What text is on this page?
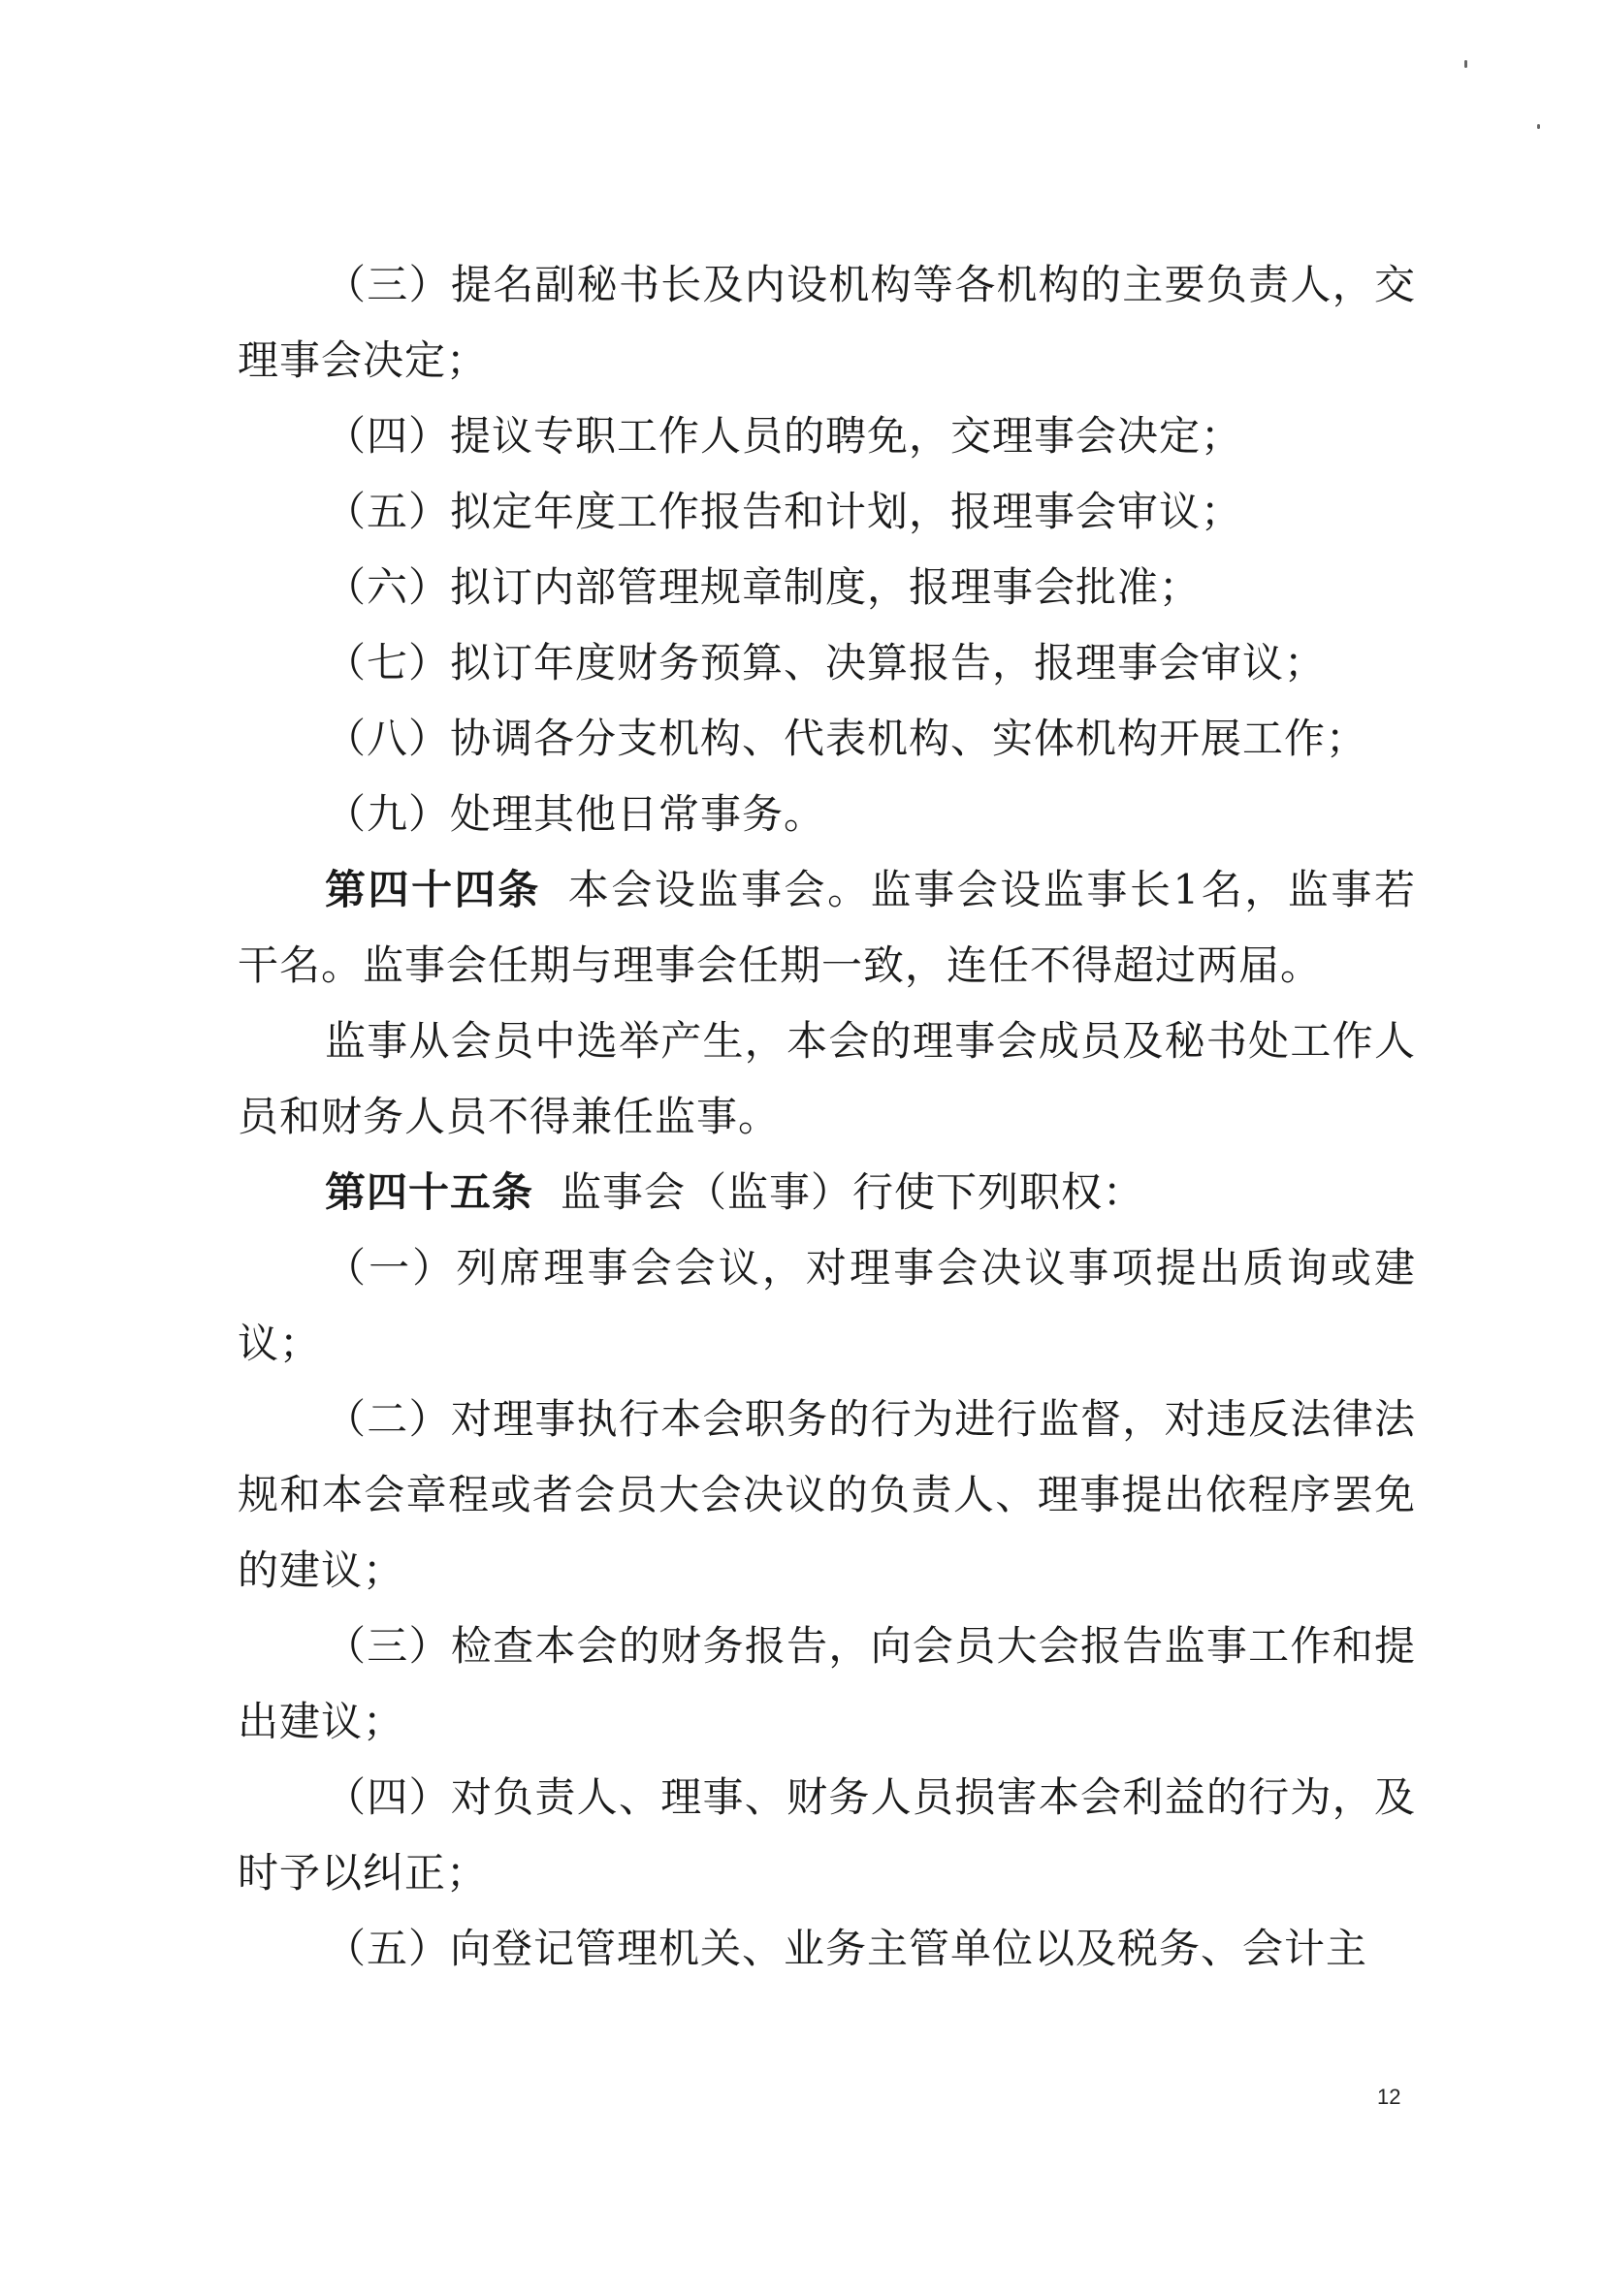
（三）提名副秘书长及内设机构等各机构的主要负责人，交理事会决定；

（四）提议专职工作人员的聘免，交理事会决定；

（五）拟定年度工作报告和计划，报理事会审议；

（六）拟订内部管理规章制度，报理事会批准；

（七）拟订年度财务预算、决算报告，报理事会审议；

（八）协调各分支机构、代表机构、实体机构开展工作；

（九）处理其他日常事务。

第四十四条 本会设监事会。监事会设监事长1名，监事若干名。监事会任期与理事会任期一致，连任不得超过两届。

监事从会员中选举产生，本会的理事会成员及秘书处工作人员和财务人员不得兼任监事。

第四十五条 监事会（监事）行使下列职权：

（一）列席理事会会议，对理事会决议事项提出质询或建议；

（二）对理事执行本会职务的行为进行监督，对违反法律法规和本会章程或者会员大会决议的负责人、理事提出依程序罢免的建议；

（三）检查本会的财务报告，向会员大会报告监事工作和提出建议；

（四）对负责人、理事、财务人员损害本会利益的行为，及时予以纠正；

（五）向登记管理机关、业务主管单位以及税务、会计主

12
